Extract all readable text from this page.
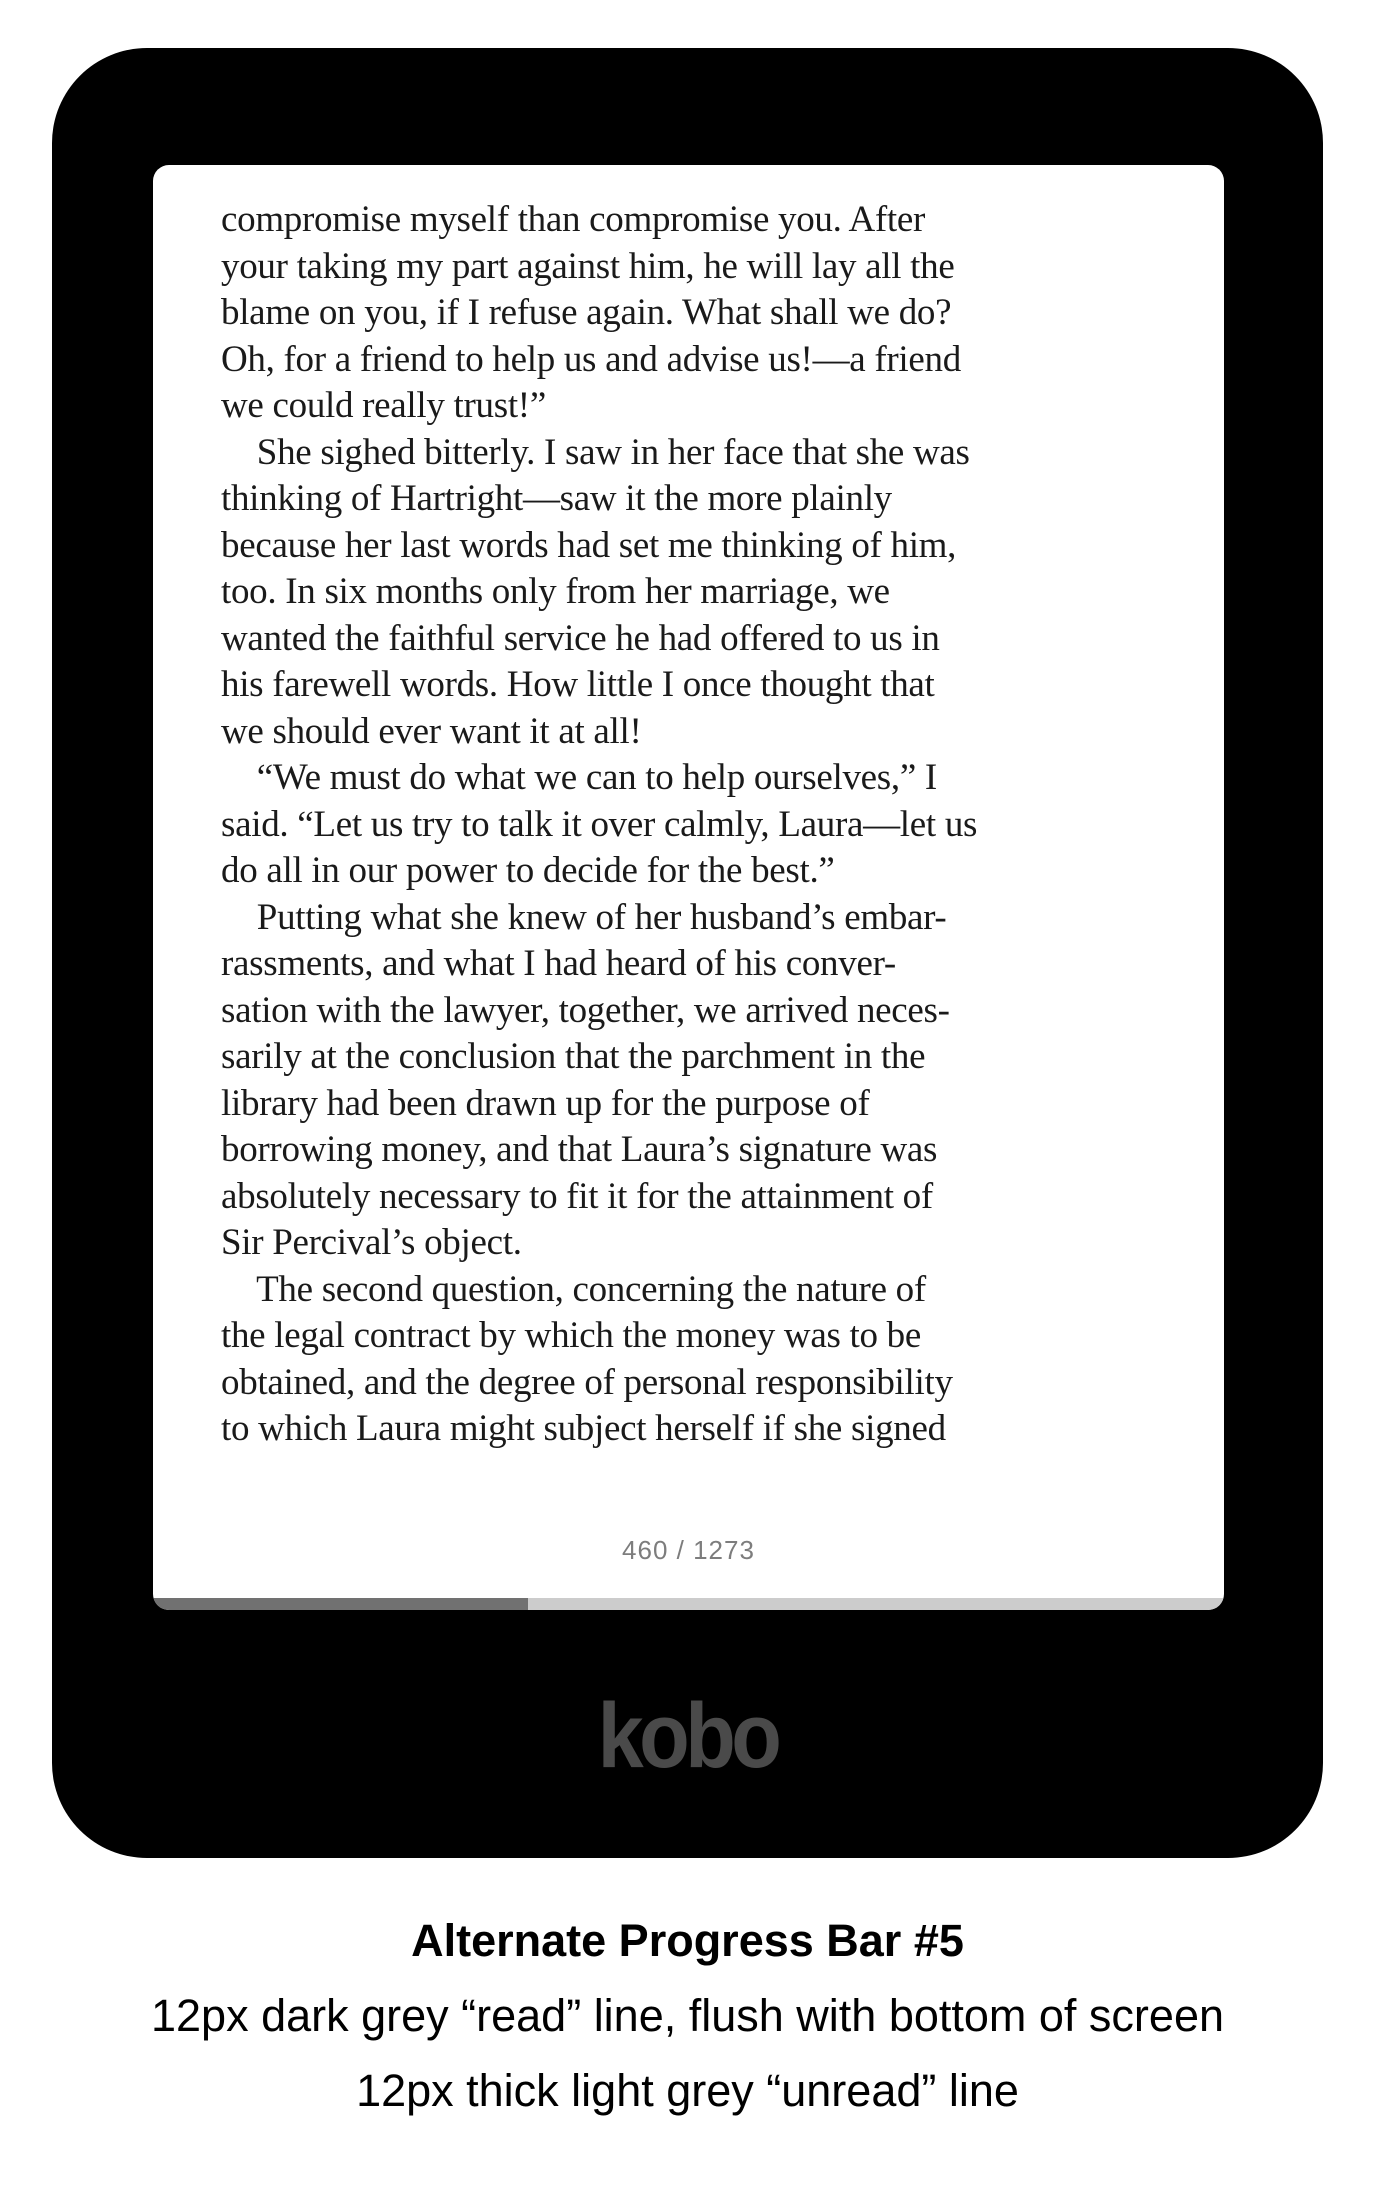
compromise myself than compromise you. After
your taking my part against him, he will lay all the
blame on you, if I refuse again. What shall we do?
Oh, for a friend to help us and advise us!—a friend
we could really trust!”
She sighed bitterly. I saw in her face that she was
thinking of Hartright—saw it the more plainly
because her last words had set me thinking of him,
too. In six months only from her marriage, we
wanted the faithful service he had offered to us in
his farewell words. How little I once thought that
we should ever want it at all!
“We must do what we can to help ourselves,” I
said. “Let us try to talk it over calmly, Laura—let us
do all in our power to decide for the best.”
Putting what she knew of her husband’s embar-
rassments, and what I had heard of his conver-
sation with the lawyer, together, we arrived neces-
sarily at the conclusion that the parchment in the
library had been drawn up for the purpose of
borrowing money, and that Laura’s signature was
absolutely necessary to fit it for the attainment of
Sir Percival’s object.
The second question, concerning the nature of
the legal contract by which the money was to be
obtained, and the degree of personal responsibility
to which Laura might subject herself if she signed
460 / 1273
kobo
Alternate Progress Bar #5
12px dark grey “read” line, flush with bottom of screen
12px thick light grey “unread” line
